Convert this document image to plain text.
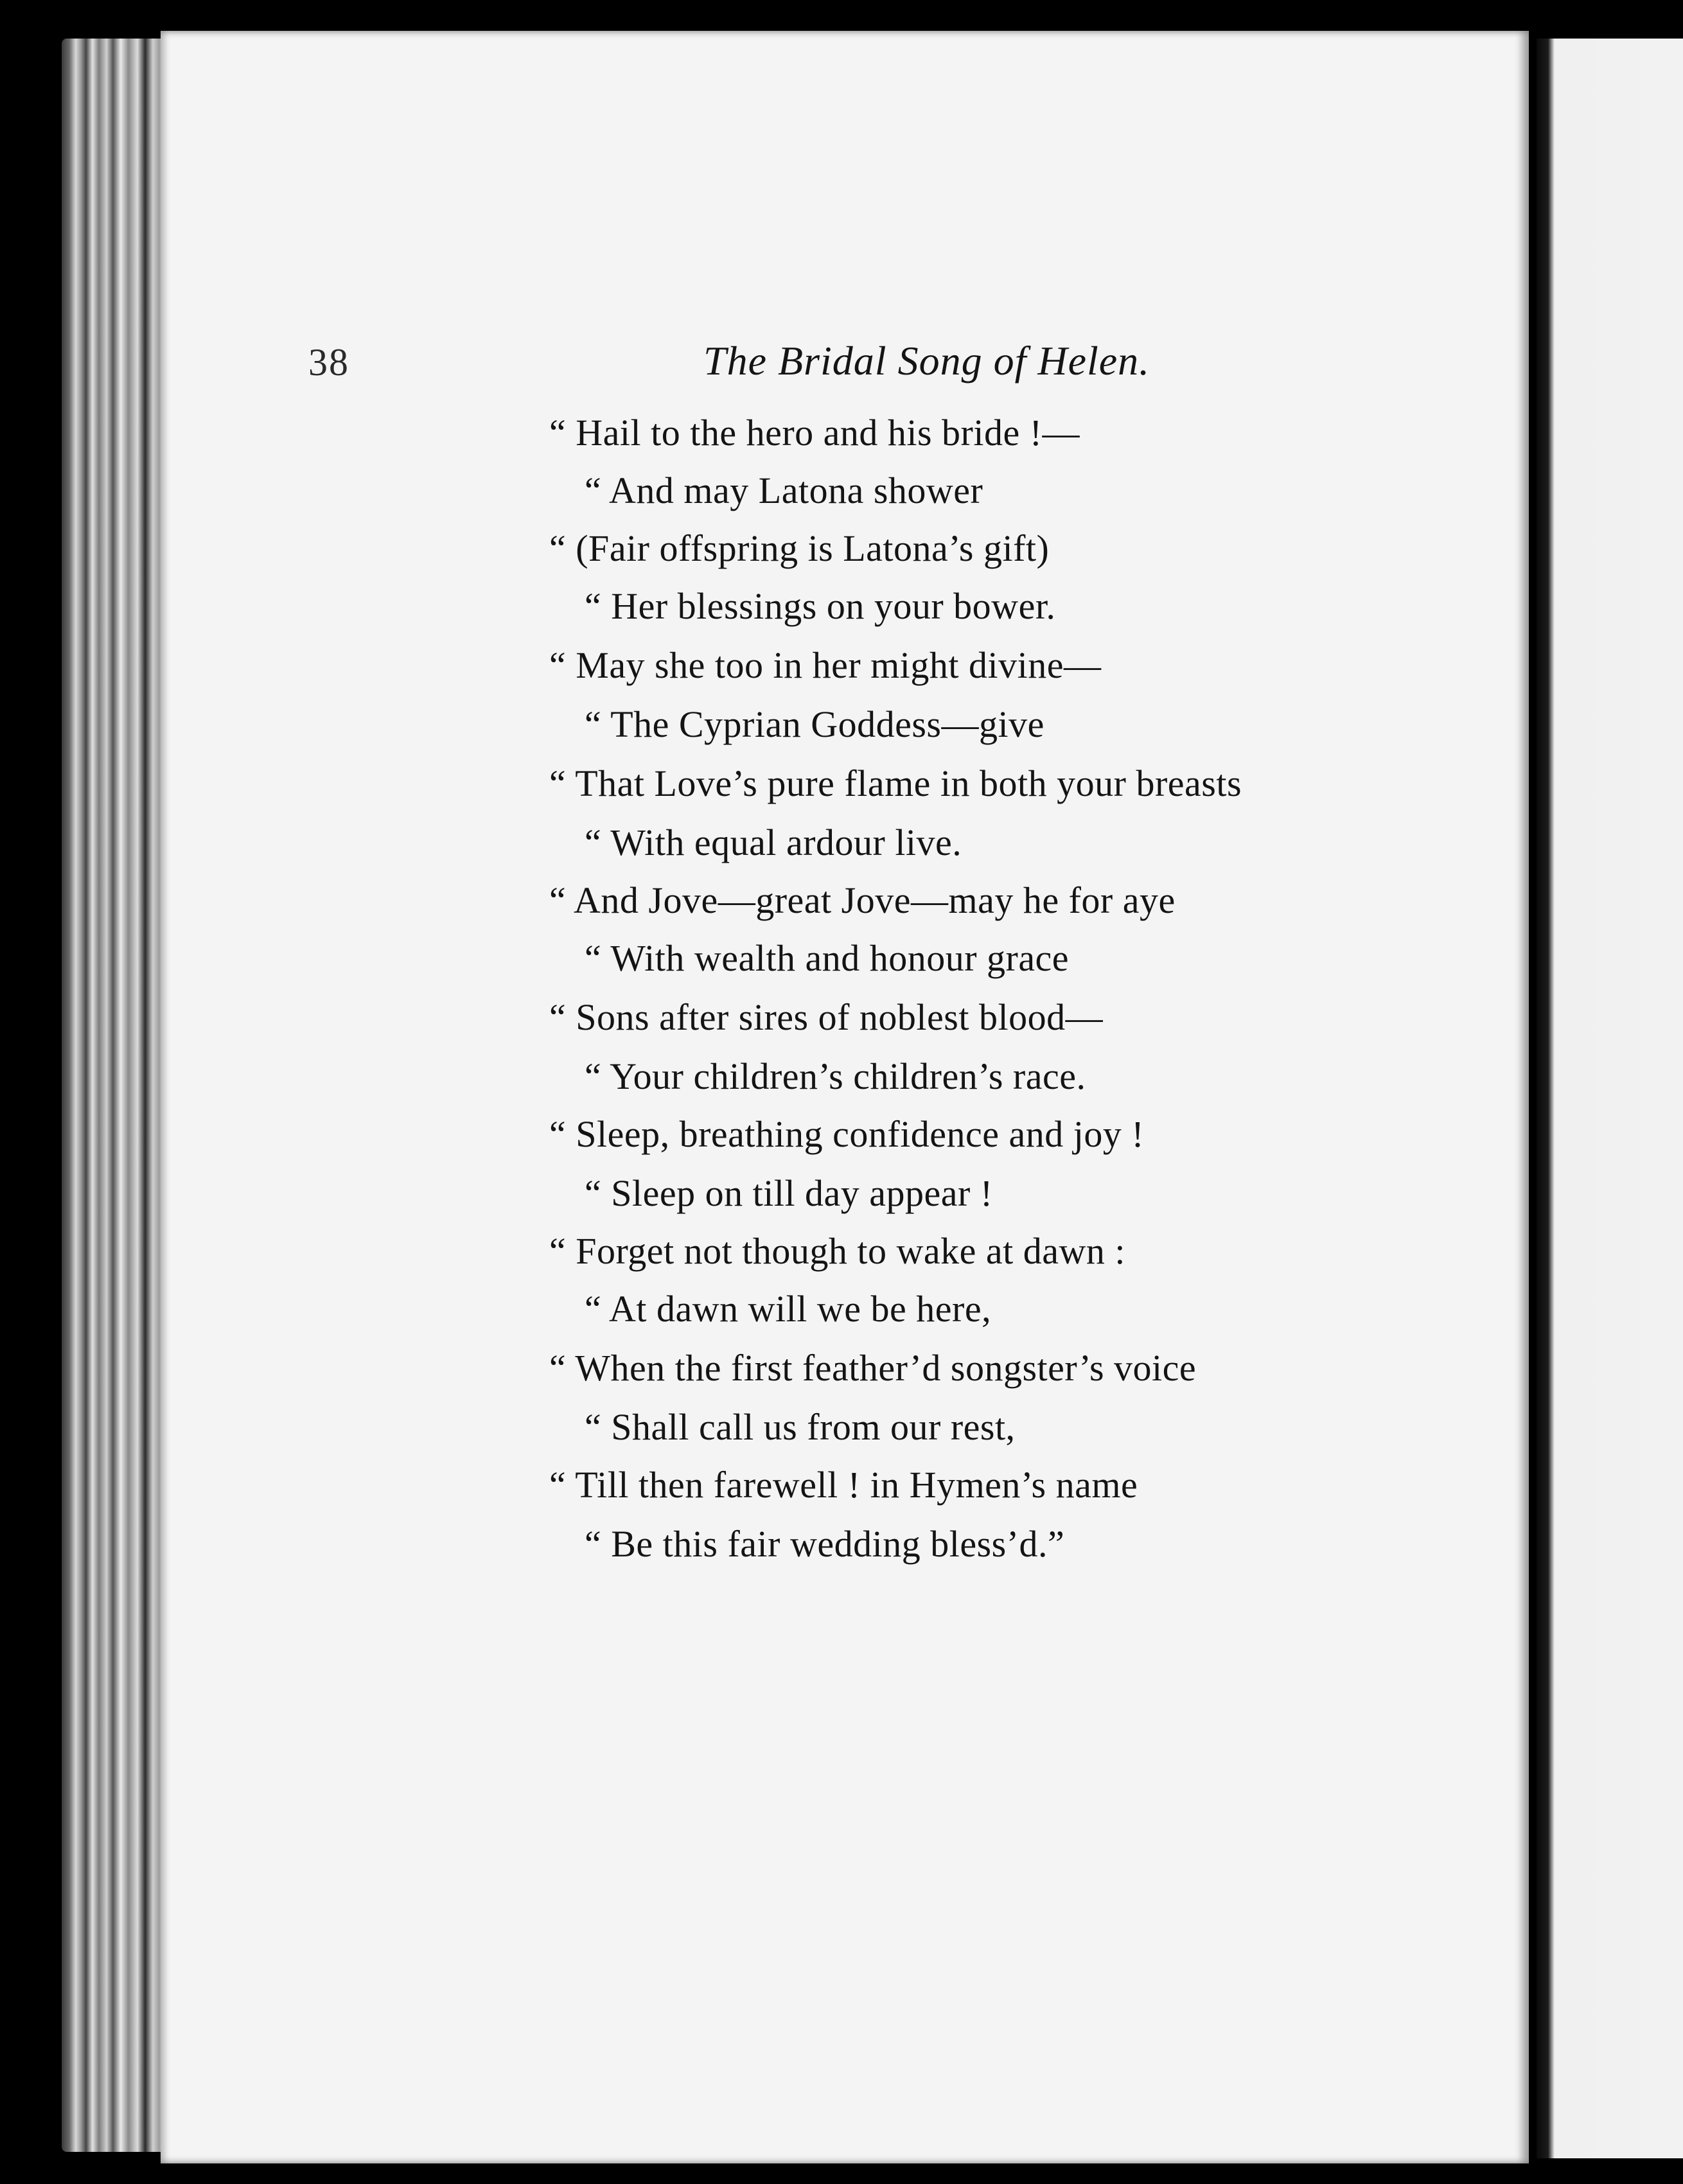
38	The Bridal Song of Helen.
“ Hail to the hero and his bride !—
“ And may Latona shower
“ (Fair offspring is Latona’s gift)
“ Her blessings on your bower.
“ May she too in her might divine—
“ The Cyprian Goddess—give
“ That Love’s pure flame in both your breasts
“ With equal ardour live.
“ And Jove—great Jove—may he for aye
“ With wealth and honour grace
“ Sons after sires of noblest blood—
“ Your children’s children’s race.
“ Sleep, breathing confidence and joy !
“ Sleep on till day appear !
“ Forget not though to wake at dawn :
“ At dawn will we be here,
“ When the first feather’d songster’s voice
“ Shall call us from our rest,
“ Till then farewell ! in Hymen’s name
“ Be this fair wedding bless’d.”
